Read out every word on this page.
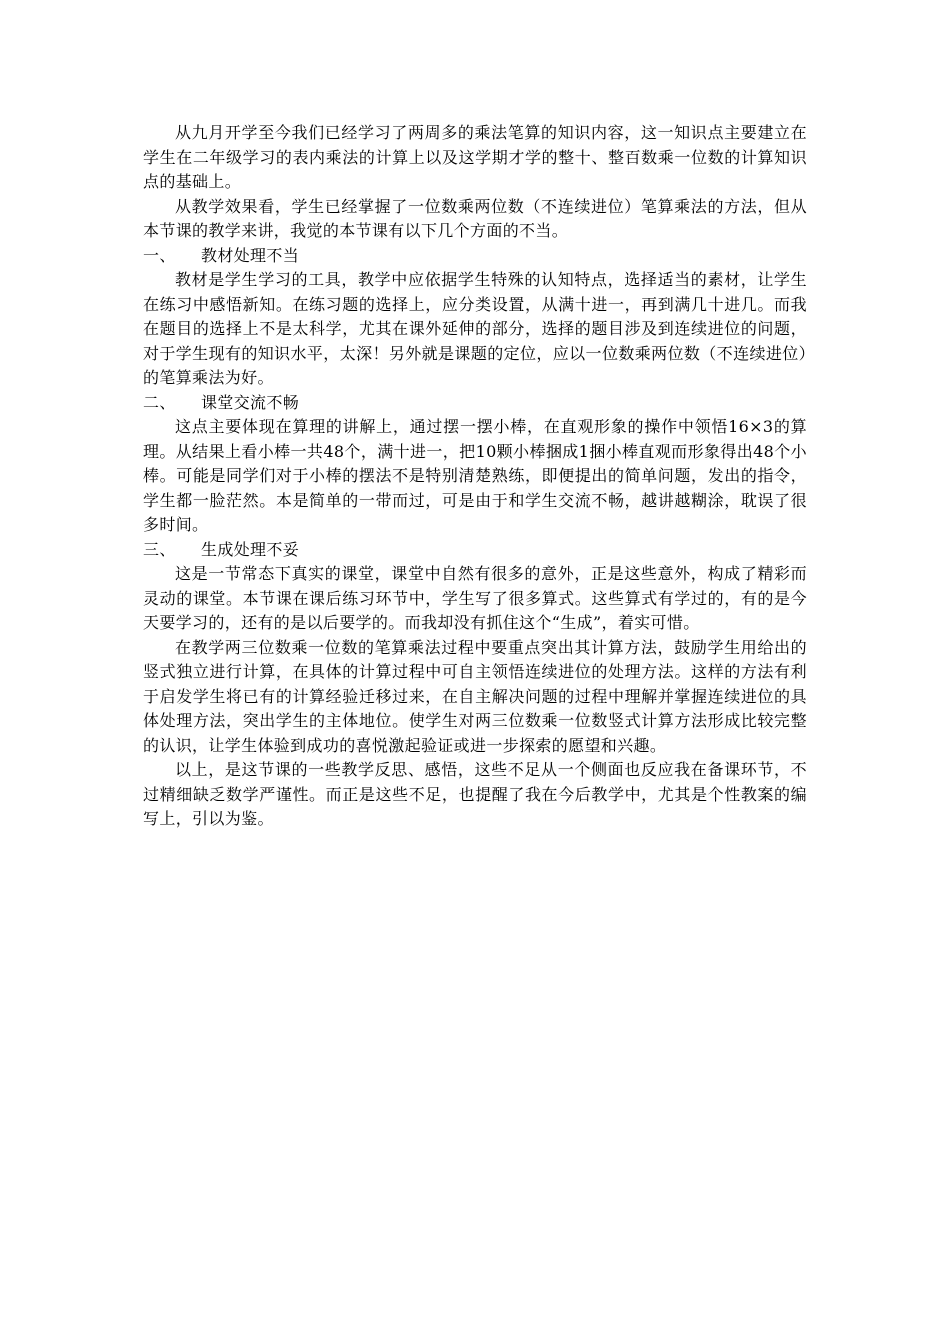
从九月开学至今我们已经学习了两周多的乘法笔算的知识内容，这一知识点主要建立在学生在二年级学习的表内乘法的计算上以及这学期才学的整十、整百数乘一位数的计算知识点的基础上。

从教学效果看，学生已经掌握了一位数乘两位数（不连续进位）笔算乘法的方法，但从本节课的教学来讲，我觉的本节课有以下几个方面的不当。

一、	教材处理不当

教材是学生学习的工具，教学中应依据学生特殊的认知特点，选择适当的素材，让学生在练习中感悟新知。在练习题的选择上，应分类设置，从满十进一，再到满几十进几。而我在题目的选择上不是太科学，尤其在课外延伸的部分，选择的题目涉及到连续进位的问题，对于学生现有的知识水平，太深！另外就是课题的定位，应以一位数乘两位数（不连续进位）的笔算乘法为好。

二、	课堂交流不畅

这点主要体现在算理的讲解上，通过摆一摆小棒，在直观形象的操作中领悟16×3的算理。从结果上看小棒一共48个，满十进一，把10颗小棒捆成1捆小棒直观而形象得出48个小棒。可能是同学们对于小棒的摆法不是特别清楚熟练，即便提出的简单问题，发出的指令，学生都一脸茫然。本是简单的一带而过，可是由于和学生交流不畅，越讲越糊涂，耽误了很多时间。

三、	生成处理不妥

这是一节常态下真实的课堂，课堂中自然有很多的意外，正是这些意外，构成了精彩而灵动的课堂。本节课在课后练习环节中，学生写了很多算式。这些算式有学过的，有的是今天要学习的，还有的是以后要学的。而我却没有抓住这个“生成”，着实可惜。

在教学两三位数乘一位数的笔算乘法过程中要重点突出其计算方法，鼓励学生用给出的竖式独立进行计算，在具体的计算过程中可自主领悟连续进位的处理方法。这样的方法有利于启发学生将已有的计算经验迁移过来，在自主解决问题的过程中理解并掌握连续进位的具体处理方法，突出学生的主体地位。使学生对两三位数乘一位数竖式计算方法形成比较完整的认识，让学生体验到成功的喜悦激起验证或进一步探索的愿望和兴趣。

以上，是这节课的一些教学反思、感悟，这些不足从一个侧面也反应我在备课环节，不过精细缺乏数学严谨性。而正是这些不足，也提醒了我在今后教学中，尤其是个性教案的编写上，引以为鉴。
